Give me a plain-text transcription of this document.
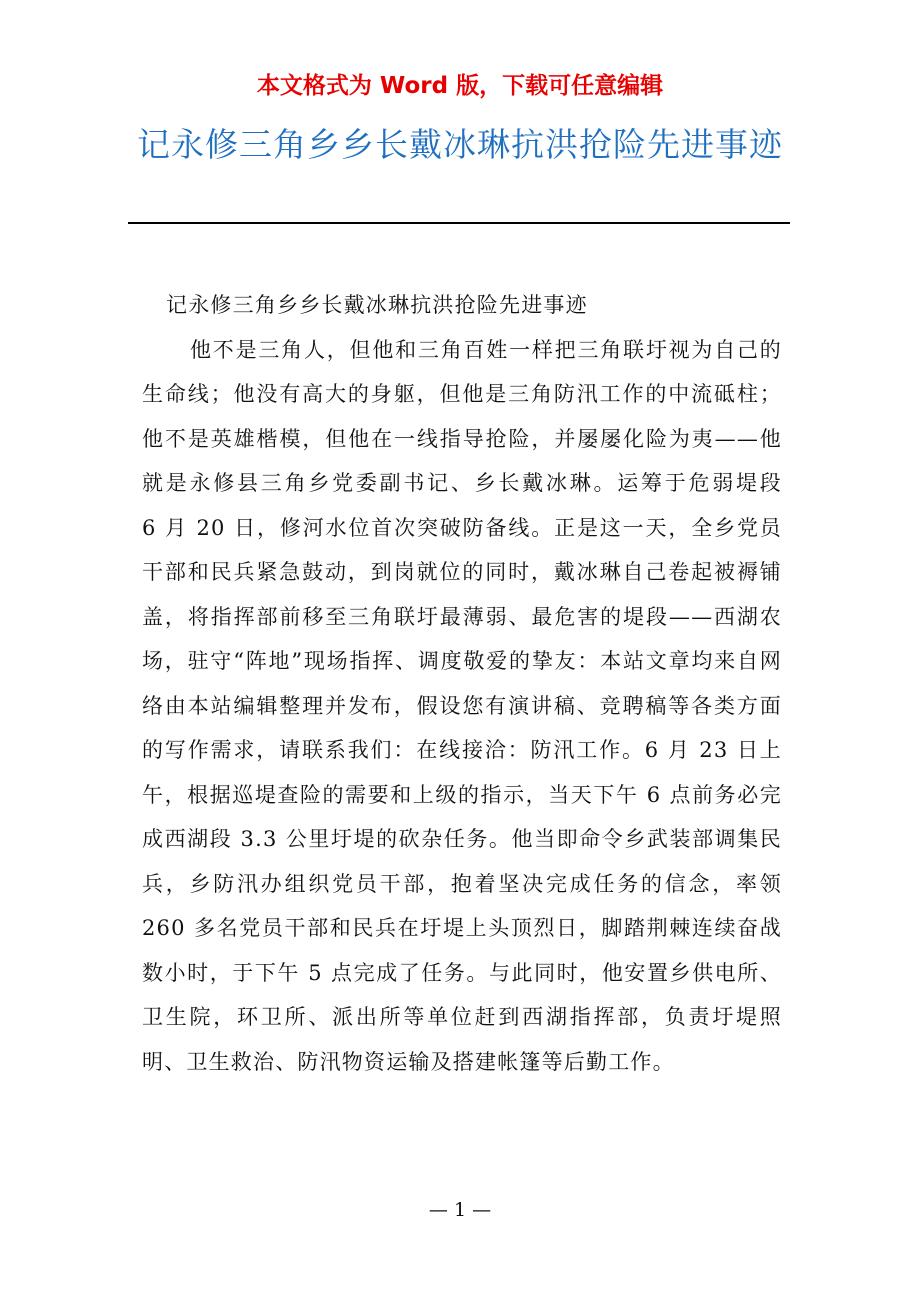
本文格式为 Word 版，下载可任意编辑
记永修三角乡乡长戴冰琳抗洪抢险先进事迹

记永修三角乡乡长戴冰琳抗洪抢险先进事迹

他不是三角人，但他和三角百姓一样把三角联圩视为自己的生命线；他没有高大的身躯，但他是三角防汛工作的中流砥柱；他不是英雄楷模，但他在一线指导抢险，并屡屡化险为夷——他就是永修县三角乡党委副书记、乡长戴冰琳。运筹于危弱堤段　　6 月 20 日，修河水位首次突破防备线。正是这一天，全乡党员干部和民兵紧急鼓动，到岗就位的同时，戴冰琳自己卷起被褥铺盖，将指挥部前移至三角联圩最薄弱、最危害的堤段——西湖农场，驻守“阵地”现场指挥、调度敬爱的挚友：本站文章均来自网络由本站编辑整理并发布，假设您有演讲稿、竞聘稿等各类方面的写作需求，请联系我们：在线接洽：防汛工作。6 月 23 日上午，根据巡堤查险的需要和上级的指示，当天下午 6 点前务必完成西湖段 3.3 公里圩堤的砍杂任务。他当即命令乡武装部调集民兵，乡防汛办组织党员干部，抱着坚决完成任务的信念，率领 260 多名党员干部和民兵在圩堤上头顶烈日，脚踏荆棘连续奋战数小时，于下午 5 点完成了任务。与此同时，他安置乡供电所、卫生院，环卫所、派出所等单位赶到西湖指挥部，负责圩堤照明、卫生救治、防汛物资运输及搭建帐篷等后勤工作。

— 1 —
